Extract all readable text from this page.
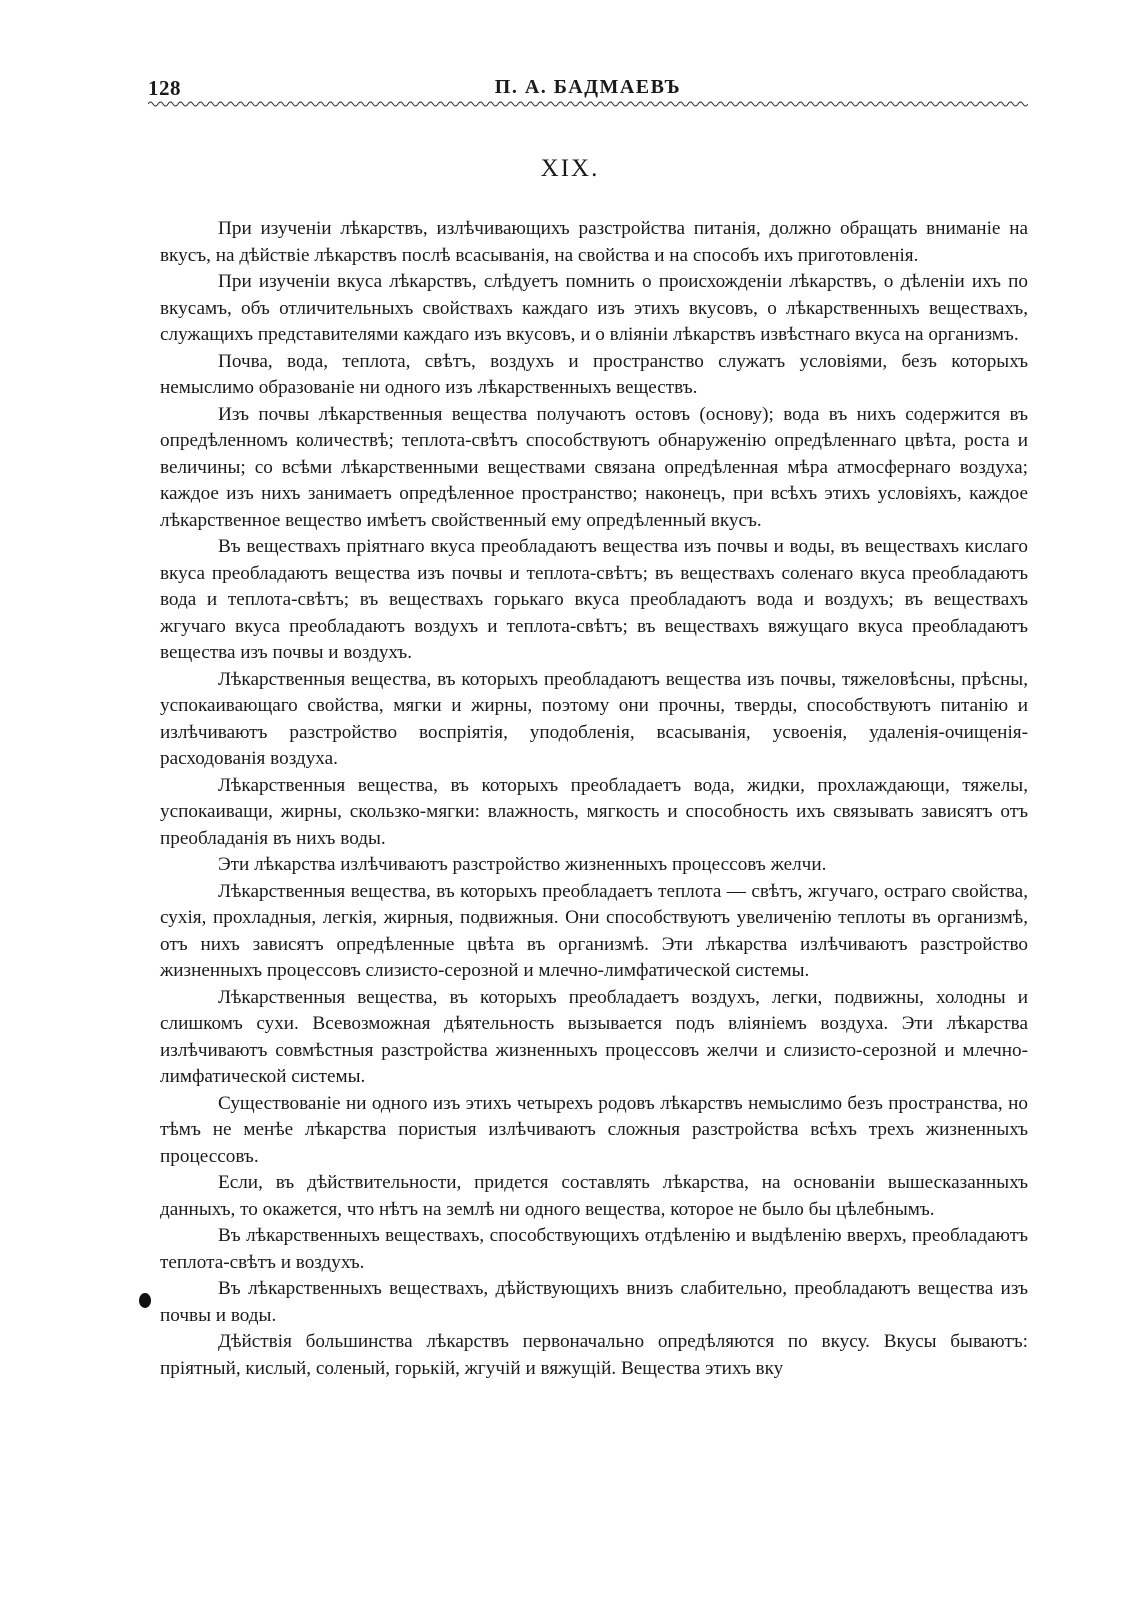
128	П. А. БАДМАЕВЪ
XIX.

При изученіи лѣкарствъ, излѣчивающихъ разстройства питанія, должно обращать вниманіе на вкусъ, на дѣйствіе лѣкарствъ послѣ всасыванія, на свойства и на способъ ихъ приготовленія.

При изученіи вкуса лѣкарствъ, слѣдуетъ помнить о происхожденіи лѣкарствъ, о дѣленіи ихъ по вкусамъ, объ отличительныхъ свойствахъ каждаго изъ этихъ вкусовъ, о лѣкарственныхъ веществахъ, служащихъ представителями каждаго изъ вкусовъ, и о вліяніи лѣкарствъ извѣстнаго вкуса на организмъ.

Почва, вода, теплота, свѣтъ, воздухъ и пространство служатъ условіями, безъ которыхъ немыслимо образованіе ни одного изъ лѣкарственныхъ веществъ.

Изъ почвы лѣкарственныя вещества получаютъ остовъ (основу); вода въ нихъ содержится въ опредѣленномъ количествѣ; теплота-свѣтъ способствуютъ обнаруженію опредѣленнаго цвѣта, роста и величины; со всѣми лѣкарственными веществами связана опредѣленная мѣра атмосфернаго воздуха; каждое изъ нихъ занимаетъ опредѣленное пространство; наконецъ, при всѣхъ этихъ условіяхъ, каждое лѣкарственное вещество имѣетъ свойственный ему опредѣленный вкусъ.

Въ веществахъ пріятнаго вкуса преобладаютъ вещества изъ почвы и воды, въ веществахъ кислаго вкуса преобладаютъ вещества изъ почвы и теплота-свѣтъ; въ веществахъ соленаго вкуса преобладаютъ вода и теплота-свѣтъ; въ веществахъ горькаго вкуса преобладаютъ вода и воздухъ; въ веществахъ жгучаго вкуса преобладаютъ воздухъ и теплота-свѣтъ; въ веществахъ вяжущаго вкуса преобладаютъ вещества изъ почвы и воздухъ.

Лѣкарственныя вещества, въ которыхъ преобладаютъ вещества изъ почвы, тяжеловѣсны, прѣсны, успокаивающаго свойства, мягки и жирны, поэтому они прочны, тверды, способствуютъ питанію и излѣчиваютъ разстройство воспріятія, уподобленія, всасыванія, усвоенія, удаленія-очищенія-расходованія воздуха.

Лѣкарственныя вещества, въ которыхъ преобладаетъ вода, жидки, прохлаждающи, тяжелы, успокаиващи, жирны, скользко-мягки: влажность, мягкость и способность ихъ связывать зависятъ отъ преобладанія въ нихъ воды.

Эти лѣкарства излѣчиваютъ разстройство жизненныхъ процессовъ желчи.

Лѣкарственныя вещества, въ которыхъ преобладаетъ теплота — свѣтъ, жгучаго, остраго свойства, сухія, прохладныя, легкія, жирныя, подвижныя. Они способствуютъ увеличенію теплоты въ организмѣ, отъ нихъ зависятъ опредѣленные цвѣта въ организмѣ. Эти лѣкарства излѣчиваютъ разстройство жизненныхъ процессовъ слизисто-серозной и млечно-лимфатической системы.

Лѣкарственныя вещества, въ которыхъ преобладаетъ воздухъ, легки, подвижны, холодны и слишкомъ сухи. Всевозможная дѣятельность вызывается подъ вліяніемъ воздуха. Эти лѣкарства излѣчиваютъ совмѣстныя разстройства жизненныхъ процессовъ желчи и слизисто-серозной и млечно-лимфатической системы.

Существованіе ни одного изъ этихъ четырехъ родовъ лѣкарствъ немыслимо безъ пространства, но тѣмъ не менѣе лѣкарства пористыя излѣчиваютъ сложныя разстройства всѣхъ трехъ жизненныхъ процессовъ.

Если, въ дѣйствительности, придется составлять лѣкарства, на основаніи вышесказанныхъ данныхъ, то окажется, что нѣтъ на землѣ ни одного вещества, которое не было бы цѣлебнымъ.

Въ лѣкарственныхъ веществахъ, способствующихъ отдѣленію и выдѣленію вверхъ, преобладаютъ теплота-свѣтъ и воздухъ.

Въ лѣкарственныхъ веществахъ, дѣйствующихъ внизъ слабительно, преобладаютъ вещества изъ почвы и воды.

Дѣйствія большинства лѣкарствъ первоначально опредѣляются по вкусу. Вкусы бываютъ: пріятный, кислый, соленый, горькій, жгучій и вяжущій. Вещества этихъ вку
